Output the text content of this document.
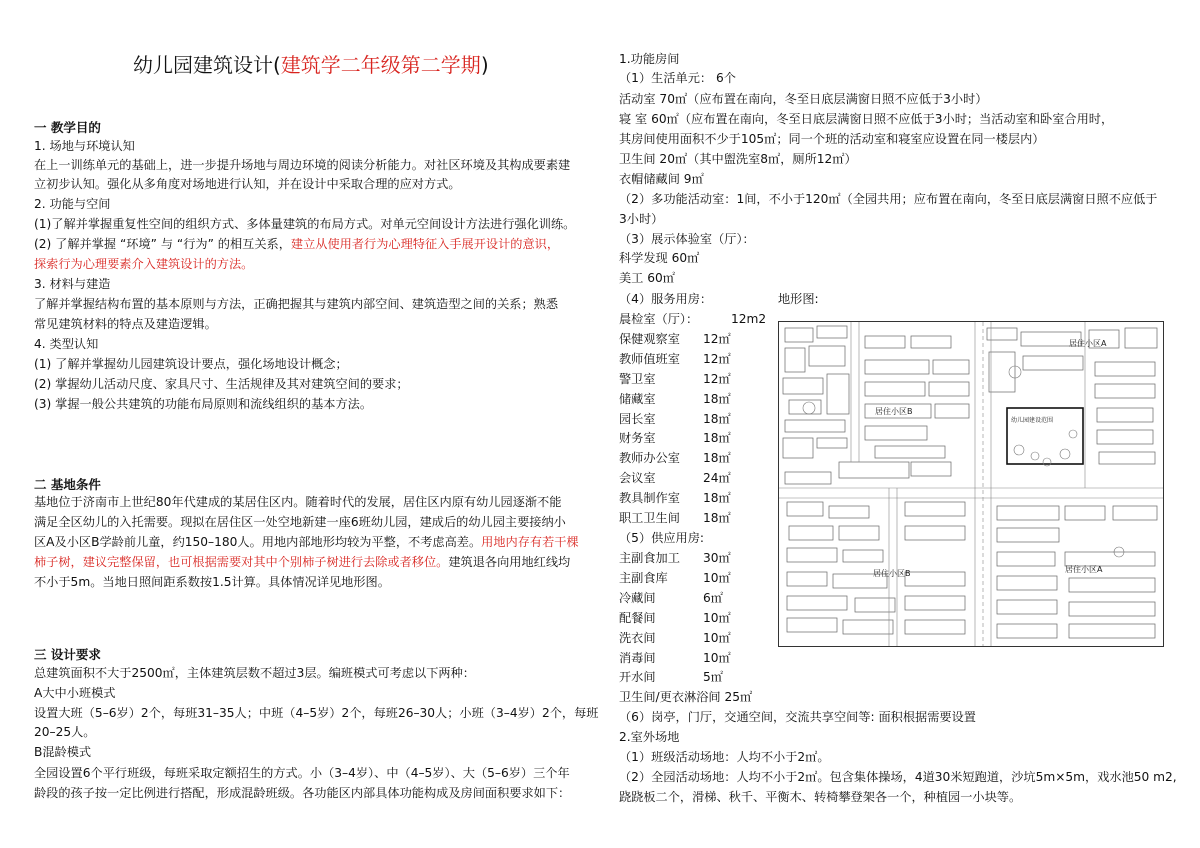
幼儿园建筑设计(建筑学二年级第二学期)
一 教学目的
1. 场地与环境认知
在上一训练单元的基础上，进一步提升场地与周边环境的阅读分析能力。对社区环境及其构成要素建
立初步认知。强化从多角度对场地进行认知，并在设计中采取合理的应对方式。
2. 功能与空间
(1)了解并掌握重复性空间的组织方式、多体量建筑的布局方式。对单元空间设计方法进行强化训练。
(2) 了解并掌握 “环境” 与 “行为” 的相互关系，建立从使用者行为心理特征入手展开设计的意识，
探索行为心理要素介入建筑设计的方法。
3. 材料与建造
了解并掌握结构布置的基本原则与方法，正确把握其与建筑内部空间、建筑造型之间的关系；熟悉
常见建筑材料的特点及建造逻辑。
4. 类型认知
(1) 了解并掌握幼儿园建筑设计要点，强化场地设计概念；
(2) 掌握幼儿活动尺度、家具尺寸、生活规律及其对建筑空间的要求；
(3) 掌握一般公共建筑的功能布局原则和流线组织的基本方法。
二 基地条件
基地位于济南市上世纪80年代建成的某居住区内。随着时代的发展，居住区内原有幼儿园逐渐不能
满足全区幼儿的入托需要。现拟在居住区一处空地新建一座6班幼儿园，建成后的幼儿园主要接纳小
区A及小区B学龄前儿童，约150–180人。用地内部地形均较为平整，不考虑高差。用地内存有若干棵
柿子树，建议完整保留，也可根据需要对其中个别柿子树进行去除或者移位。建筑退各向用地红线均
不小于5m。当地日照间距系数按1.5计算。具体情况详见地形图。
三 设计要求
总建筑面积不大于2500㎡，主体建筑层数不超过3层。编班模式可考虑以下两种：
A大中小班模式
设置大班（5–6岁）2个，每班31–35人；中班（4–5岁）2个，每班26–30人；小班（3–4岁）2个，每班
20–25人。
B混龄模式
全园设置6个平行班级，每班采取定额招生的方式。小（3–4岁）、中（4–5岁）、大（5–6岁）三个年
龄段的孩子按一定比例进行搭配，形成混龄班级。各功能区内部具体功能构成及房间面积要求如下：
1.功能房间
（1）生活单元： 6个
活动室 70㎡（应布置在南向，冬至日底层满窗日照不应低于3小时）
寝 室 60㎡（应布置在南向，冬至日底层满窗日照不应低于3小时；当活动室和卧室合用时，
其房间使用面积不少于105㎡；同一个班的活动室和寝室应设置在同一楼层内）
卫生间 20㎡（其中盥洗室8㎡，厕所12㎡）
衣帽储藏间 9㎡
（2）多功能活动室：1间，不小于120㎡（全园共用；应布置在南向，冬至日底层满窗日照不应低于
3小时）
（3）展示体验室（厅）：
科学发现 60㎡
美工 60㎡
（4）服务用房：	地形图:
晨检室（厅）：	12m2
保健观察室 12㎡
教师值班室 12㎡
警卫室	12㎡
储藏室	18㎡
园长室	18㎡
财务室	18㎡
教师办公室 18㎡
会议室	24㎡
教具制作室 18㎡
职工卫生间 18㎡
（5）供应用房:
主副食加工 30㎡
主副食库	10㎡
冷藏间	6㎡
配餐间	10㎡
洗衣间	10㎡
消毒间	10㎡
开水间	5㎡
卫生间/更衣淋浴间 25㎡
（6）岗亭，门厅，交通空间，交流共享空间等: 面积根据需要设置
2.室外场地
（1）班级活动场地：人均不小于2㎡。
（2）全园活动场地：人均不小于2㎡。包含集体操场，4道30米短跑道，沙坑5m×5m，戏水池50 m2,
跷跷板二个，滑梯、秋千、平衡木、转椅攀登架各一个，种植园一小块等。
居住小区A
居住小区B
幼儿园建设范围
居住小区B	居住小区A
